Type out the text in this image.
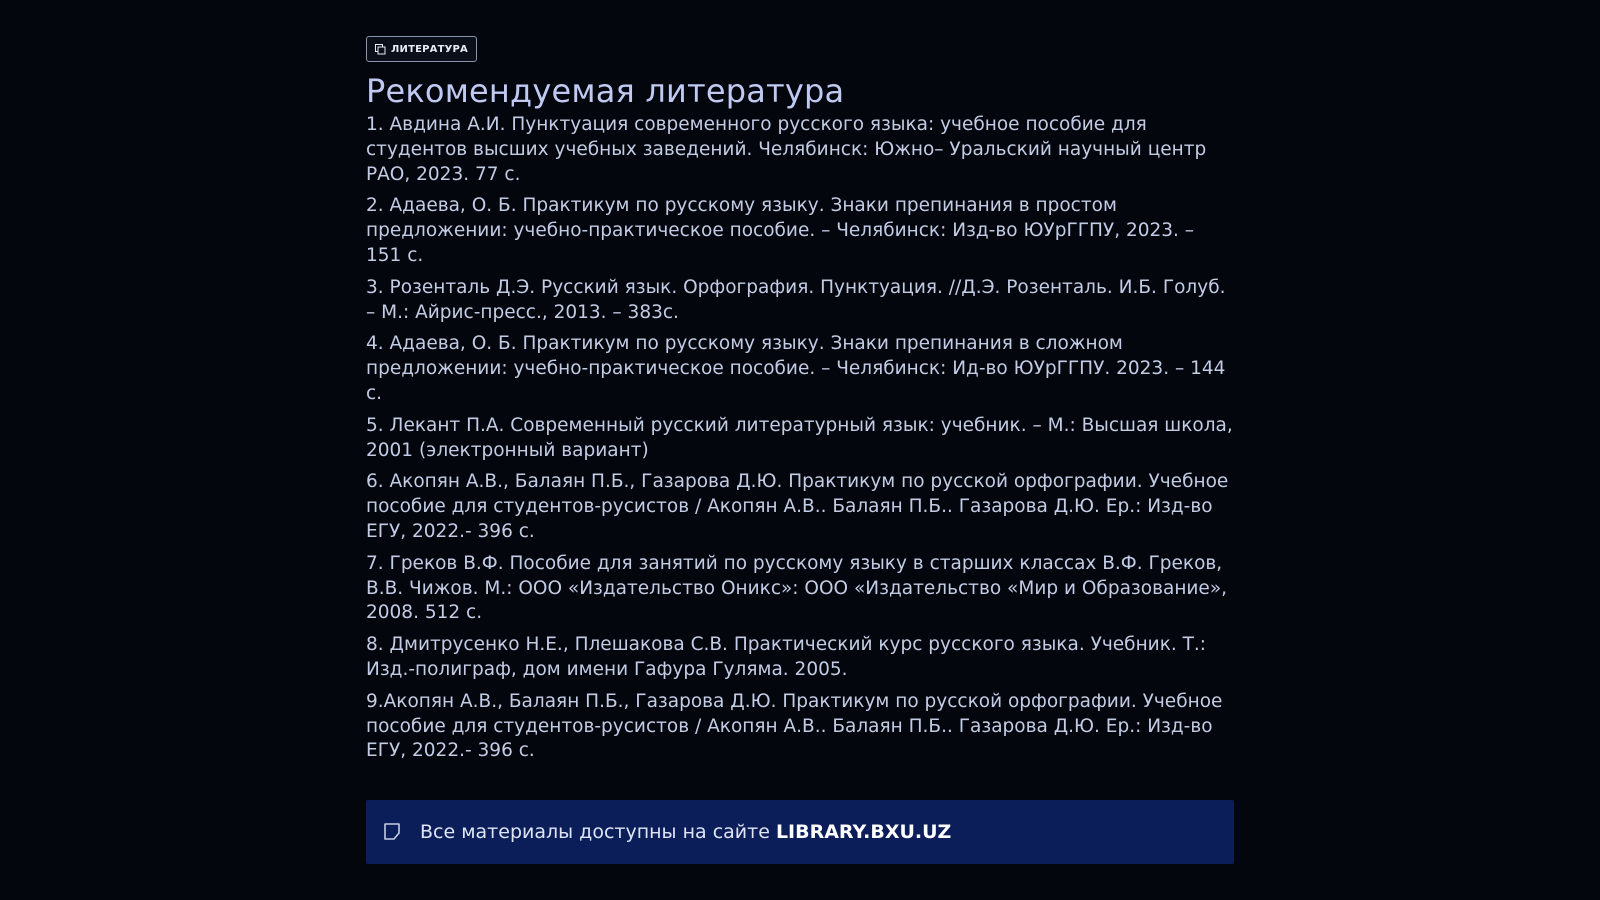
ЛИТЕРАТУРА
Рекомендуемая литература
1. Авдина А.И. Пунктуация современного русского языка: учебное пособие для студентов высших учебных заведений. Челябинск: Южно– Уральский научный центр РАО, 2023. 77 с.
2. Адаева, О. Б. Практикум по русскому языку. Знаки препинания в простом предложении: учебно-практическое пособие. – Челябинск: Изд-во ЮУрГГПУ, 2023. – 151 с.
3. Розенталь Д.Э. Русский язык. Орфография. Пунктуация. //Д.Э. Розенталь. И.Б. Голуб. – М.: Айрис-пресс., 2013. – 383с.
4. Адаева, О. Б. Практикум по русскому языку. Знаки препинания в сложном предложении: учебно-практическое пособие. – Челябинск: Ид-во ЮУрГГПУ. 2023. – 144 с.
5. Лекант П.А. Современный русский литературный язык: учебник. – М.: Высшая школа, 2001 (электронный вариант)
6. Акопян А.В., Балаян П.Б., Газарова Д.Ю. Практикум по русской орфографии. Учебное пособие для студентов-русистов / Акопян А.В.. Балаян П.Б.. Газарова Д.Ю. Ер.: Изд-во ЕГУ, 2022.- 396 с.
7. Греков В.Ф. Пособие для занятий по русскому языку в старших классах В.Ф. Греков, В.В. Чижов. М.: ООО «Издательство Оникс»: ООО «Издательство «Мир и Образование», 2008. 512 с.
8. Дмитрусенко Н.Е., Плешакова С.В. Практический курс русского языка. Учебник. Т.: Изд.-полиграф, дом имени Гафура Гуляма. 2005.
9.Акопян А.В., Балаян П.Б., Газарова Д.Ю. Практикум по русской орфографии. Учебное пособие для студентов-русистов / Акопян А.В.. Балаян П.Б.. Газарова Д.Ю. Ер.: Изд-во ЕГУ, 2022.- 396 с.
Все материалы доступны на сайте LIBRARY.BXU.UZ
